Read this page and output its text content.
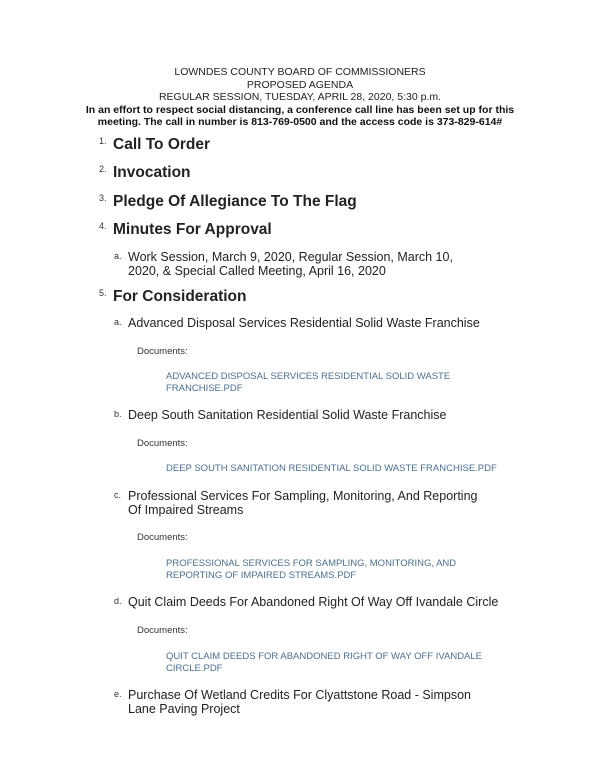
LOWNDES COUNTY BOARD OF COMMISSIONERS
PROPOSED AGENDA
REGULAR SESSION, TUESDAY, APRIL 28, 2020, 5:30 p.m.
In an effort to respect social distancing, a conference call line has been set up for this
meeting. The call in number is 813-769-0500 and the access code is 373-829-614#
1. Call To Order
2. Invocation
3. Pledge Of Allegiance To The Flag
4. Minutes For Approval
a. Work Session, March 9, 2020, Regular Session, March 10, 2020, & Special Called Meeting, April 16, 2020
5. For Consideration
a. Advanced Disposal Services Residential Solid Waste Franchise
Documents:
ADVANCED DISPOSAL SERVICES RESIDENTIAL SOLID WASTE FRANCHISE.PDF
b. Deep South Sanitation Residential Solid Waste Franchise
Documents:
DEEP SOUTH SANITATION RESIDENTIAL SOLID WASTE FRANCHISE.PDF
c. Professional Services For Sampling, Monitoring, And Reporting Of Impaired Streams
Documents:
PROFESSIONAL SERVICES FOR SAMPLING, MONITORING, AND REPORTING OF IMPAIRED STREAMS.PDF
d. Quit Claim Deeds For Abandoned Right Of Way Off Ivandale Circle
Documents:
QUIT CLAIM DEEDS FOR ABANDONED RIGHT OF WAY OFF IVANDALE CIRCLE.PDF
e. Purchase Of Wetland Credits For Clyattstone Road - Simpson Lane Paving Project
